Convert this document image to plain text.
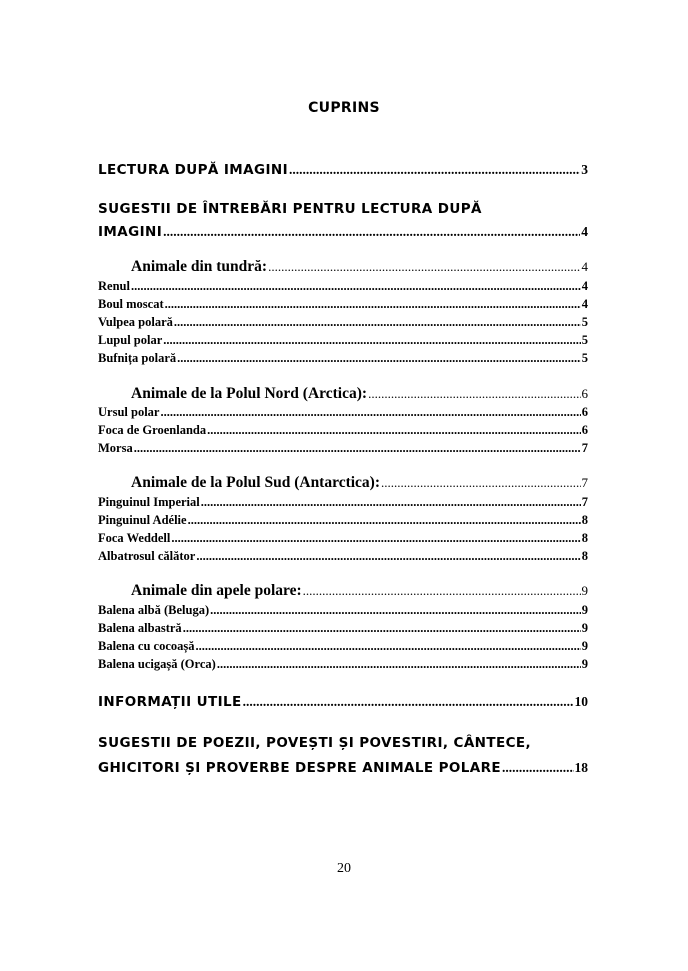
CUPRINS
LECTURA DUPĂ IMAGINI .....	3
SUGESTII DE ÎNTREBĂRI PENTRU LECTURA DUPĂ
IMAGINI .....	4
Animale din tundră: .....	4
Renul .....	4
Boul moscat .....	4
Vulpea polară .....	5
Lupul polar .....	5
Bufnița polară .....	5
Animale de la Polul Nord (Arctica): .....	6
Ursul polar .....	6
Foca de Groenlanda .....	6
Morsa .....	7
Animale de la Polul Sud (Antarctica): .....	7
Pinguinul Imperial .....	7
Pinguinul Adélie .....	8
Foca Weddell .....	8
Albatrosul călător .....	8
Animale din apele polare: .....	9
Balena albă (Beluga) .....	9
Balena albastră .....	9
Balena cu cocoașă .....	9
Balena ucigașă (Orca) .....	9
INFORMAȚII UTILE .....	10
SUGESTII DE POEZII, POVEȘTI ȘI POVESTIRI, CÂNTECE,
GHICITORI ȘI PROVERBE DESPRE ANIMALE POLARE .....	18
20
